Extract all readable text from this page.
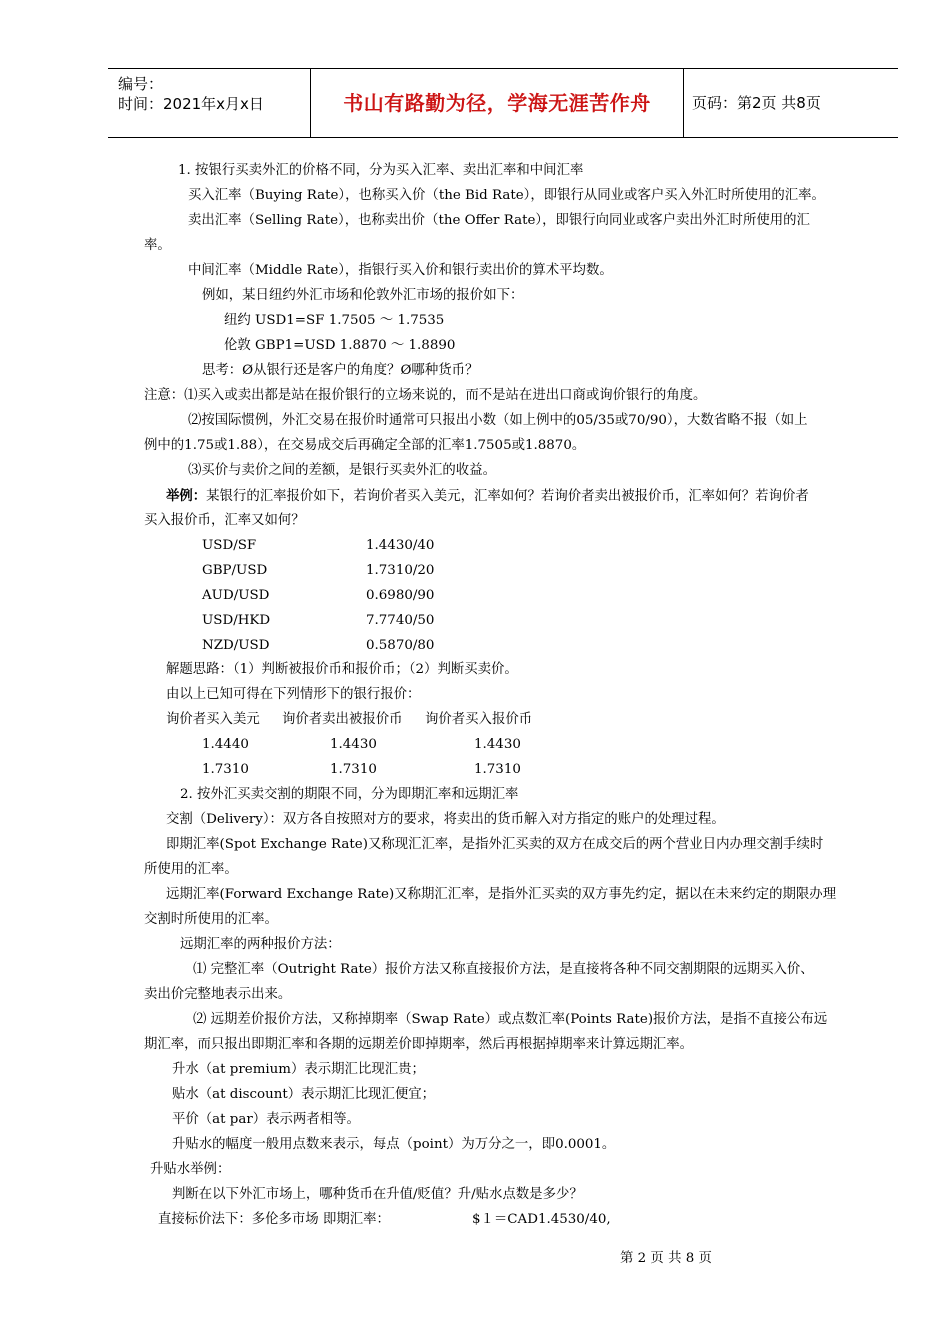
编号：
时间：2021年x月x日	书山有路勤为径，学海无涯苦作舟	页码：第2页 共8页
1. 按银行买卖外汇的价格不同，分为买入汇率、卖出汇率和中间汇率
买入汇率（Buying Rate），也称买入价（the Bid Rate），即银行从同业或客户买入外汇时所使用的汇率。
卖出汇率（Selling Rate），也称卖出价（the Offer Rate），即银行向同业或客户卖出外汇时所使用的汇
率。
中间汇率（Middle Rate），指银行买入价和银行卖出价的算术平均数。
例如，某日纽约外汇市场和伦敦外汇市场的报价如下：
纽约 USD1=SF 1.7505 ～ 1.7535
伦敦 GBP1=USD 1.8870 ～ 1.8890
思考：Ø从银行还是客户的角度？Ø哪种货币？
注意：⑴买入或卖出都是站在报价银行的立场来说的，而不是站在进出口商或询价银行的角度。
⑵按国际惯例，外汇交易在报价时通常可只报出小数（如上例中的05/35或70/90），大数省略不报（如上
例中的1.75或1.88），在交易成交后再确定全部的汇率1.7505或1.8870。
⑶买价与卖价之间的差额，是银行买卖外汇的收益。
举例：某银行的汇率报价如下，若询价者买入美元，汇率如何？若询价者卖出被报价币，汇率如何？若询价者
买入报价币，汇率又如何？
USD/SF	1.4430/40
GBP/USD	1.7310/20
AUD/USD	0.6980/90
USD/HKD	7.7740/50
NZD/USD	0.5870/80
解题思路：（1）判断被报价币和报价币；（2）判断买卖价。
由以上已知可得在下列情形下的银行报价：
询价者买入美元 询价者卖出被报价币 询价者买入报价币
1.4440	1.4430	1.4430
1.7310	1.7310	1.7310
2. 按外汇买卖交割的期限不同，分为即期汇率和远期汇率
交割（Delivery）：双方各自按照对方的要求，将卖出的货币解入对方指定的账户的处理过程。
即期汇率(Spot Exchange Rate)又称现汇汇率，是指外汇买卖的双方在成交后的两个营业日内办理交割手续时
所使用的汇率。
远期汇率(Forward Exchange Rate)又称期汇汇率，是指外汇买卖的双方事先约定，据以在未来约定的期限办理
交割时所使用的汇率。
远期汇率的两种报价方法：
⑴ 完整汇率（Outright Rate）报价方法又称直接报价方法，是直接将各种不同交割期限的远期买入价、
卖出价完整地表示出来。
⑵ 远期差价报价方法，又称掉期率（Swap Rate）或点数汇率(Points Rate)报价方法，是指不直接公布远
期汇率，而只报出即期汇率和各期的远期差价即掉期率，然后再根据掉期率来计算远期汇率。
升水（at premium）表示期汇比现汇贵；
贴水（at discount）表示期汇比现汇便宜；
平价（at par）表示两者相等。
升贴水的幅度一般用点数来表示，每点（point）为万分之一，即0.0001。
升贴水举例：
判断在以下外汇市场上，哪种货币在升值/贬值？升/贴水点数是多少？
直接标价法下：多伦多市场 即期汇率：	$１＝CAD1.4530/40,
第 2 页 共 8 页
